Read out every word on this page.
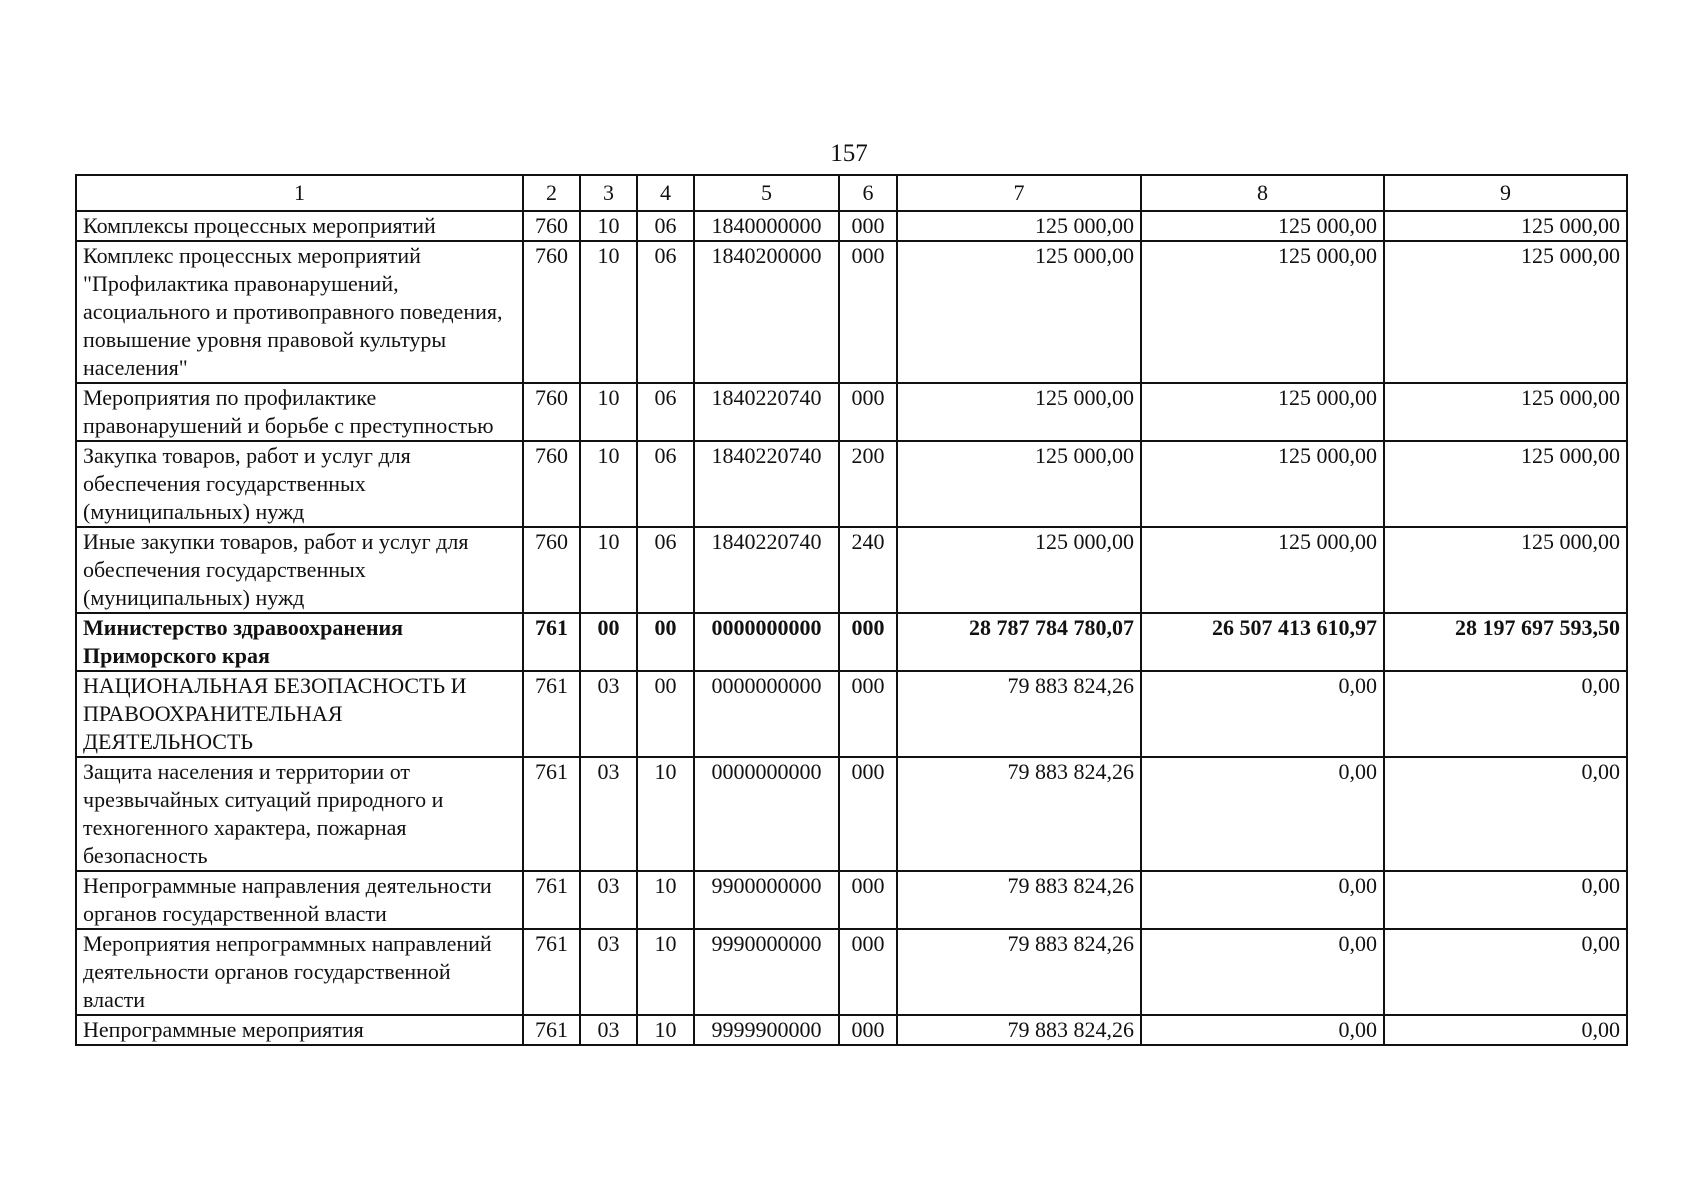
157
1	2	3	4	5	6	7	8	9
Комплексы процессных мероприятий	760	10	06	1840000000	000	125 000,00	125 000,00	125 000,00
Комплекс процессных мероприятий "Профилактика правонарушений, асоциального и противоправного поведения, повышение уровня правовой культуры населения"	760	10	06	1840200000	000	125 000,00	125 000,00	125 000,00
Мероприятия по профилактике правонарушений и борьбе с преступностью	760	10	06	1840220740	000	125 000,00	125 000,00	125 000,00
Закупка товаров, работ и услуг для обеспечения государственных (муниципальных) нужд	760	10	06	1840220740	200	125 000,00	125 000,00	125 000,00
Иные закупки товаров, работ и услуг для обеспечения государственных (муниципальных) нужд	760	10	06	1840220740	240	125 000,00	125 000,00	125 000,00
Министерство здравоохранения Приморского края	761	00	00	0000000000	000	28 787 784 780,07	26 507 413 610,97	28 197 697 593,50
НАЦИОНАЛЬНАЯ БЕЗОПАСНОСТЬ И ПРАВООХРАНИТЕЛЬНАЯ ДЕЯТЕЛЬНОСТЬ	761	03	00	0000000000	000	79 883 824,26	0,00	0,00
Защита населения и территории от чрезвычайных ситуаций природного и техногенного характера, пожарная безопасность	761	03	10	0000000000	000	79 883 824,26	0,00	0,00
Непрограммные направления деятельности органов государственной власти	761	03	10	9900000000	000	79 883 824,26	0,00	0,00
Мероприятия непрограммных направлений деятельности органов государственной власти	761	03	10	9990000000	000	79 883 824,26	0,00	0,00
Непрограммные мероприятия	761	03	10	9999900000	000	79 883 824,26	0,00	0,00
